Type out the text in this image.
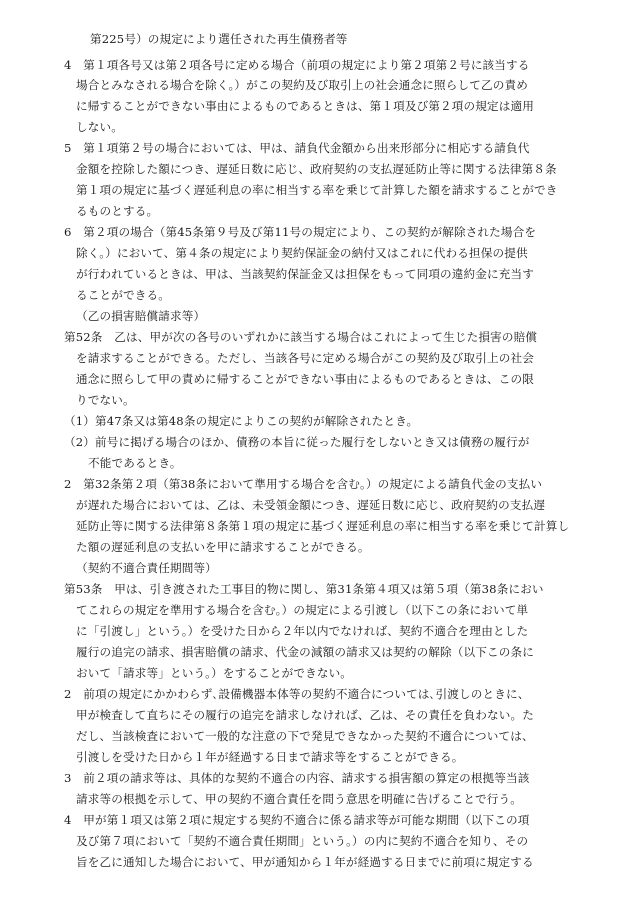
第225号）の規定により選任された再生債務者等
4　第１項各号又は第２項各号に定める場合（前項の規定により第２項第２号に該当する
場合とみなされる場合を除く。）がこの契約及び取引上の社会通念に照らして乙の責め
に帰することができない事由によるものであるときは、第１項及び第２項の規定は適用
しない。
5　第１項第２号の場合においては、甲は、請負代金額から出来形部分に相応する請負代
金額を控除した額につき、遅延日数に応じ、政府契約の支払遅延防止等に関する法律第８条
第１項の規定に基づく遅延利息の率に相当する率を乗じて計算した額を請求することができ
るものとする。
6　第２項の場合（第45条第９号及び第11号の規定により、この契約が解除された場合を
除く。）において、第４条の規定により契約保証金の納付又はこれに代わる担保の提供
が行われているときは、甲は、当該契約保証金又は担保をもって同項の違約金に充当す
ることができる。
（乙の損害賠償請求等）
第52条　乙は、甲が次の各号のいずれかに該当する場合はこれによって生じた損害の賠償
を請求することができる。ただし、当該各号に定める場合がこの契約及び取引上の社会
通念に照らして甲の責めに帰することができない事由によるものであるときは、この限
りでない。
（1）第47条又は第48条の規定によりこの契約が解除されたとき。
（2）前号に掲げる場合のほか、債務の本旨に従った履行をしないとき又は債務の履行が
不能であるとき。
2　第32条第２項（第38条において準用する場合を含む。）の規定による請負代金の支払い
が遅れた場合においては、乙は、未受領金額につき、遅延日数に応じ、政府契約の支払遅
延防止等に関する法律第８条第１項の規定に基づく遅延利息の率に相当する率を乗じて計算し
た額の遅延利息の支払いを甲に請求することができる。
（契約不適合責任期間等）
第53条　甲は、引き渡された工事目的物に関し、第31条第４項又は第５項（第38条におい
てこれらの規定を準用する場合を含む。）の規定による引渡し（以下この条において単
に「引渡し」という。）を受けた日から２年以内でなければ、契約不適合を理由とした
履行の追完の請求、損害賠償の請求、代金の減額の請求又は契約の解除（以下この条に
おいて「請求等」という。）をすることができない。
2　前項の規定にかかわらず､設備機器本体等の契約不適合については､引渡しのときに、
甲が検査して直ちにその履行の追完を請求しなければ、乙は、その責任を負わない。た
だし、当該検査において一般的な注意の下で発見できなかった契約不適合については、
引渡しを受けた日から１年が経過する日まで請求等をすることができる。
3　前２項の請求等は、具体的な契約不適合の内容、請求する損害額の算定の根拠等当該
請求等の根拠を示して、甲の契約不適合責任を問う意思を明確に告げることで行う。
4　甲が第１項又は第２項に規定する契約不適合に係る請求等が可能な期間（以下この項
及び第７項において「契約不適合責任期間」という。）の内に契約不適合を知り、その
旨を乙に通知した場合において、甲が通知から１年が経過する日までに前項に規定する
